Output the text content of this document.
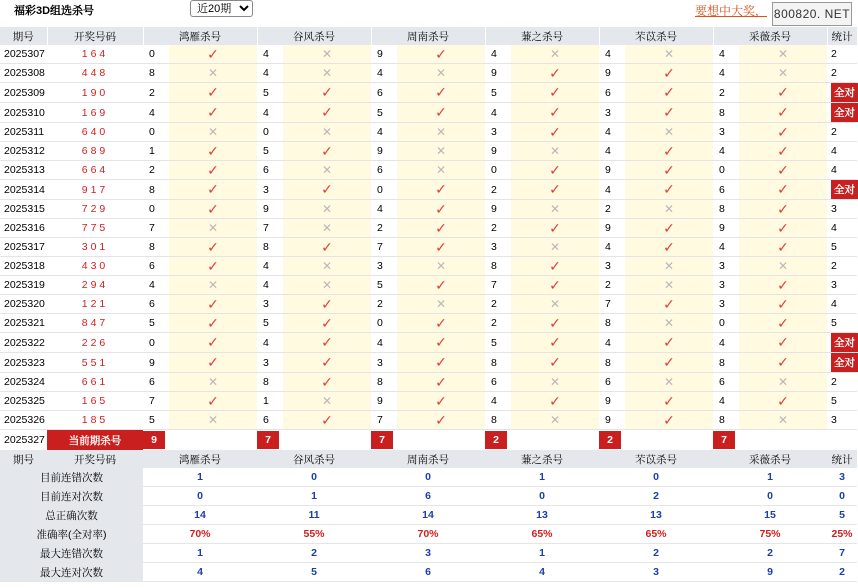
福彩3D组选杀号
近20期	要想中大奖， 800820. NET
期号	开奖号码	鸿雁杀号		谷风杀号		周南杀号		蒹之杀号		芣苡杀号		采薇杀号		统计
2025307	164	0	✓	4	✕	9	✓	4	✕	4	✕	4	✕	2
2025308	448	8	✕	4	✕	4	✕	9	✓	9	✓	4	✕	2
2025309	190	2	✓	5	✓	6	✓	5	✓	6	✓	2	✓	全对
2025310	169	4	✓	4	✓	5	✓	4	✓	3	✓	8	✓	全对
2025311	640	0	✕	0	✕	4	✕	3	✓	4	✕	3	✓	2
2025312	689	1	✓	5	✓	9	✕	9	✕	4	✓	4	✓	4
2025313	664	2	✓	6	✕	6	✕	0	✓	9	✓	0	✓	4
2025314	917	8	✓	3	✓	0	✓	2	✓	4	✓	6	✓	全对
2025315	729	0	✓	9	✕	4	✓	9	✕	2	✕	8	✓	3
2025316	775	7	✕	7	✕	2	✓	2	✓	9	✓	9	✓	4
2025317	301	8	✓	8	✓	7	✓	3	✕	4	✓	4	✓	5
2025318	430	6	✓	4	✕	3	✕	8	✓	3	✕	3	✕	2
2025319	294	4	✕	4	✕	5	✓	7	✓	2	✕	3	✓	3
2025320	121	6	✓	3	✓	2	✕	2	✕	7	✓	3	✓	4
2025321	847	5	✓	5	✓	0	✓	2	✓	8	✕	0	✓	5
2025322	226	0	✓	4	✓	4	✓	5	✓	4	✓	4	✓	全对
2025323	551	9	✓	3	✓	3	✓	8	✓	8	✓	8	✓	全对
2025324	661	6	✕	8	✓	8	✓	6	✕	6	✕	6	✕	2
2025325	165	7	✓	1	✕	9	✓	4	✓	9	✓	4	✓	5
2025326	185	5	✕	6	✓	7	✓	8	✕	9	✓	8	✕	3
2025327	当前期杀号	9		7		7		2		2		7		
期号	开奖号码	鸿雁杀号		谷风杀号		周南杀号		蒹之杀号		芣苡杀号		采薇杀号		统计
目前连错次数		1		0		0		1		0		1		3
目前连对次数		0		1		6		0		2		0		0
总正确次数		14		11		14		13		13		15		5
准确率(全对率)		70%		55%		70%		65%		65%		75%		25%
最大连错次数		1		2		3		1		2		2		7
最大连对次数		4		5		6		4		3		9		2
